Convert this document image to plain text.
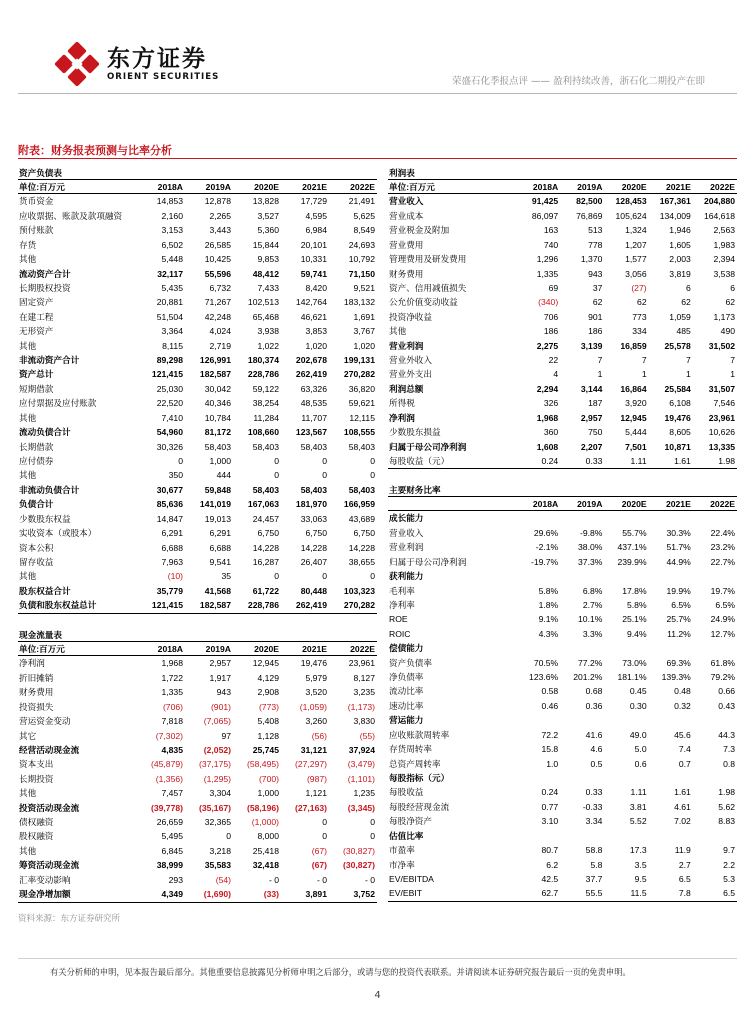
东方证券
ORIENT SECURITIES	荣盛石化季报点评 —— 盈利持续改善，浙石化二期投产在即
附表：财务报表预测与比率分析
资产负债表
单位:百万元	2018A	2019A	2020E	2021E	2022E
货币资金	14,853	12,878	13,828	17,729	21,491
应收票据、账款及款项融资	2,160	2,265	3,527	4,595	5,625
预付账款	3,153	3,443	5,360	6,984	8,549
存货	6,502	26,585	15,844	20,101	24,693
其他	5,448	10,425	9,853	10,331	10,792
流动资产合计	32,117	55,596	48,412	59,741	71,150
长期股权投资	5,435	6,732	7,433	8,420	9,521
固定资产	20,881	71,267	102,513	142,764	183,132
在建工程	51,504	42,248	65,468	46,621	1,691
无形资产	3,364	4,024	3,938	3,853	3,767
其他	8,115	2,719	1,022	1,020	1,020
非流动资产合计	89,298	126,991	180,374	202,678	199,131
资产总计	121,415	182,587	228,786	262,419	270,282
短期借款	25,030	30,042	59,122	63,326	36,820
应付票据及应付账款	22,520	40,346	38,254	48,535	59,621
其他	7,410	10,784	11,284	11,707	12,115
流动负债合计	54,960	81,172	108,660	123,567	108,555
长期借款	30,326	58,403	58,403	58,403	58,403
应付债券	0	1,000	0	0	0
其他	350	444	0	0	0
非流动负债合计	30,677	59,848	58,403	58,403	58,403
负债合计	85,636	141,019	167,063	181,970	166,959
少数股东权益	14,847	19,013	24,457	33,063	43,689
实收资本（或股本）	6,291	6,291	6,750	6,750	6,750
资本公积	6,688	6,688	14,228	14,228	14,228
留存收益	7,963	9,541	16,287	26,407	38,655
其他	(10)	35	0	0	0
股东权益合计	35,779	41,568	61,722	80,448	103,323
负债和股东权益总计	121,415	182,587	228,786	262,419	270,282
现金流量表
单位:百万元	2018A	2019A	2020E	2021E	2022E
净利润	1,968	2,957	12,945	19,476	23,961
折旧摊销	1,722	1,917	4,129	5,979	8,127
财务费用	1,335	943	2,908	3,520	3,235
投资损失	(706)	(901)	(773)	(1,059)	(1,173)
营运资金变动	7,818	(7,065)	5,408	3,260	3,830
其它	(7,302)	97	1,128	(56)	(55)
经营活动现金流	4,835	(2,052)	25,745	31,121	37,924
资本支出	(45,879)	(37,175)	(58,495)	(27,297)	(3,479)
长期投资	(1,356)	(1,295)	(700)	(987)	(1,101)
其他	7,457	3,304	1,000	1,121	1,235
投资活动现金流	(39,778)	(35,167)	(58,196)	(27,163)	(3,345)
债权融资	26,659	32,365	(1,000)	0	0
股权融资	5,495	0	8,000	0	0
其他	6,845	3,218	25,418	(67)	(30,827)
筹资活动现金流	38,999	35,583	32,418	(67)	(30,827)
汇率变动影响	293	(54)	- 0	- 0	- 0
现金净增加额	4,349	(1,690)	(33)	3,891	3,752
利润表
单位:百万元	2018A	2019A	2020E	2021E	2022E
营业收入	91,425	82,500	128,453	167,361	204,880
营业成本	86,097	76,869	105,624	134,009	164,618
营业税金及附加	163	513	1,324	1,946	2,563
营业费用	740	778	1,207	1,605	1,983
管理费用及研发费用	1,296	1,370	1,577	2,003	2,394
财务费用	1,335	943	3,056	3,819	3,538
资产、信用减值损失	69	37	(27)	6	6
公允价值变动收益	(340)	62	62	62	62
投资净收益	706	901	773	1,059	1,173
其他	186	186	334	485	490
营业利润	2,275	3,139	16,859	25,578	31,502
营业外收入	22	7	7	7	7
营业外支出	4	1	1	1	1
利润总额	2,294	3,144	16,864	25,584	31,507
所得税	326	187	3,920	6,108	7,546
净利润	1,968	2,957	12,945	19,476	23,961
少数股东损益	360	750	5,444	8,605	10,626
归属于母公司净利润	1,608	2,207	7,501	10,871	13,335
每股收益（元）	0.24	0.33	1.11	1.61	1.98
主要财务比率
2018A	2019A	2020E	2021E	2022E
成长能力
营业收入	29.6%	-9.8%	55.7%	30.3%	22.4%
营业利润	-2.1%	38.0%	437.1%	51.7%	23.2%
归属于母公司净利润	-19.7%	37.3%	239.9%	44.9%	22.7%
获利能力
毛利率	5.8%	6.8%	17.8%	19.9%	19.7%
净利率	1.8%	2.7%	5.8%	6.5%	6.5%
ROE	9.1%	10.1%	25.1%	25.7%	24.9%
ROIC	4.3%	3.3%	9.4%	11.2%	12.7%
偿债能力
资产负债率	70.5%	77.2%	73.0%	69.3%	61.8%
净负债率	123.6%	201.2%	181.1%	139.3%	79.2%
流动比率	0.58	0.68	0.45	0.48	0.66
速动比率	0.46	0.36	0.30	0.32	0.43
营运能力
应收账款周转率	72.2	41.6	49.0	45.6	44.3
存货周转率	15.8	4.6	5.0	7.4	7.3
总资产周转率	1.0	0.5	0.6	0.7	0.8
每股指标（元）
每股收益	0.24	0.33	1.11	1.61	1.98
每股经营现金流	0.77	-0.33	3.81	4.61	5.62
每股净资产	3.10	3.34	5.52	7.02	8.83
估值比率
市盈率	80.7	58.8	17.3	11.9	9.7
市净率	6.2	5.8	3.5	2.7	2.2
EV/EBITDA	42.5	37.7	9.5	6.5	5.3
EV/EBIT	62.7	55.5	11.5	7.8	6.5
资料来源：东方证券研究所
有关分析师的申明，见本报告最后部分。其他重要信息披露见分析师申明之后部分，或请与您的投资代表联系。并请阅读本证券研究报告最后一页的免责申明。
4
